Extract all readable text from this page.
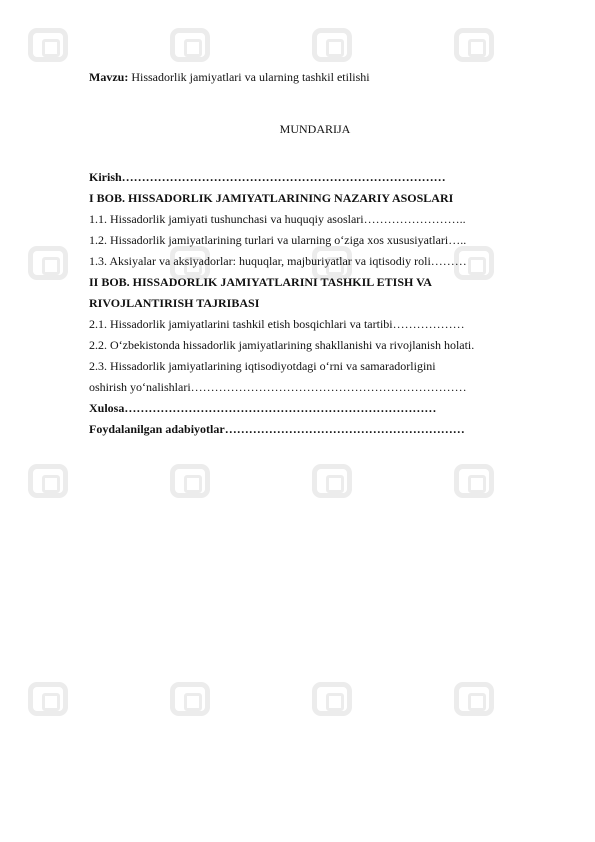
Mavzu: Hissadorlik jamiyatlari va ularning tashkil etilishi
MUNDARIJA
Kirish………………………………………………………………………
I BOB. HISSADORLIK JAMIYATLARINING NAZARIY ASOSLARI
1.1. Hissadorlik jamiyati tushunchasi va huquqiy asoslari……………………..
1.2. Hissadorlik jamiyatlarining turlari va ularning o‘ziga xos xususiyatlari…..
1.3. Aksiyalar va aksiyadorlar: huquqlar, majburiyatlar va iqtisodiy roli………
II BOB. HISSADORLIK JAMIYATLARINI TASHKIL ETISH VA
RIVOJLANTIRISH TAJRIBASI
2.1. Hissadorlik jamiyatlarini tashkil etish bosqichlari va tartibi………………
2.2. O‘zbekistonda hissadorlik jamiyatlarining shakllanishi va rivojlanish holati.
2.3. Hissadorlik jamiyatlarining iqtisodiyotdagi o‘rni va samaradorligini
oshirish yo‘nalishlari……………………………………………………………
Xulosa……………………………………………………………………
Foydalanilgan adabiyotlar……………………………………………………
